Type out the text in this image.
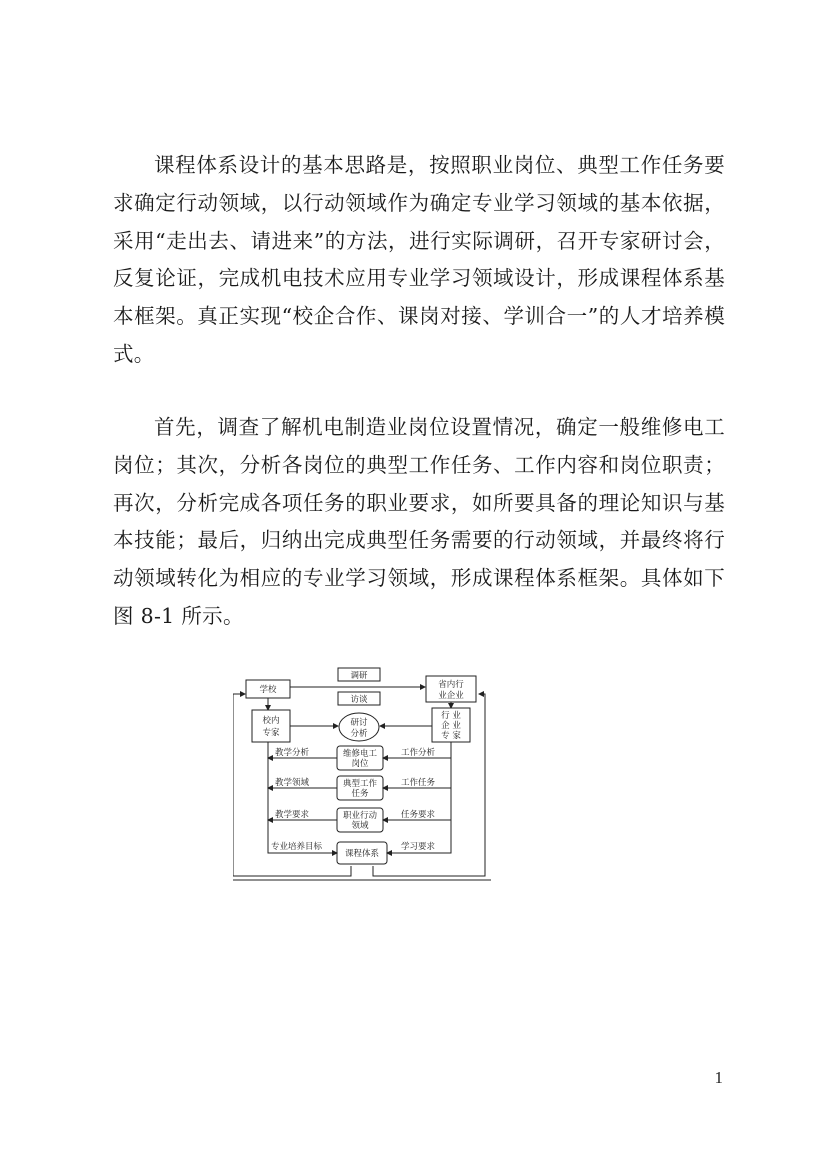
课程体系设计的基本思路是，按照职业岗位、典型工作任务要求确定行动领域，以行动领域作为确定专业学习领域的基本依据，采用“走出去、请进来”的方法，进行实际调研，召开专家研讨会，反复论证，完成机电技术应用专业学习领域设计，形成课程体系基本框架。真正实现“校企合作、课岗对接、学训合一”的人才培养模式。

首先，调查了解机电制造业岗位设置情况，确定一般维修电工岗位；其次，分析各岗位的典型工作任务、工作内容和岗位职责；再次，分析完成各项任务的职业要求，如所要具备的理论知识与基本技能；最后，归纳出完成典型任务需要的行动领域，并最终将行动领域转化为相应的专业学习领域，形成课程体系框架。具体如下图 8-1 所示。

学校
调研
访谈
省内行
业企业
校内
专家
研讨
分析
行 业
企 业
专 家
维修电工
岗位
教学分析	工作分析
典型工作
任务
教学领域	工作任务
职业行动
领域
教学要求	任务要求
课程体系
专业培养目标	学习要求
1
